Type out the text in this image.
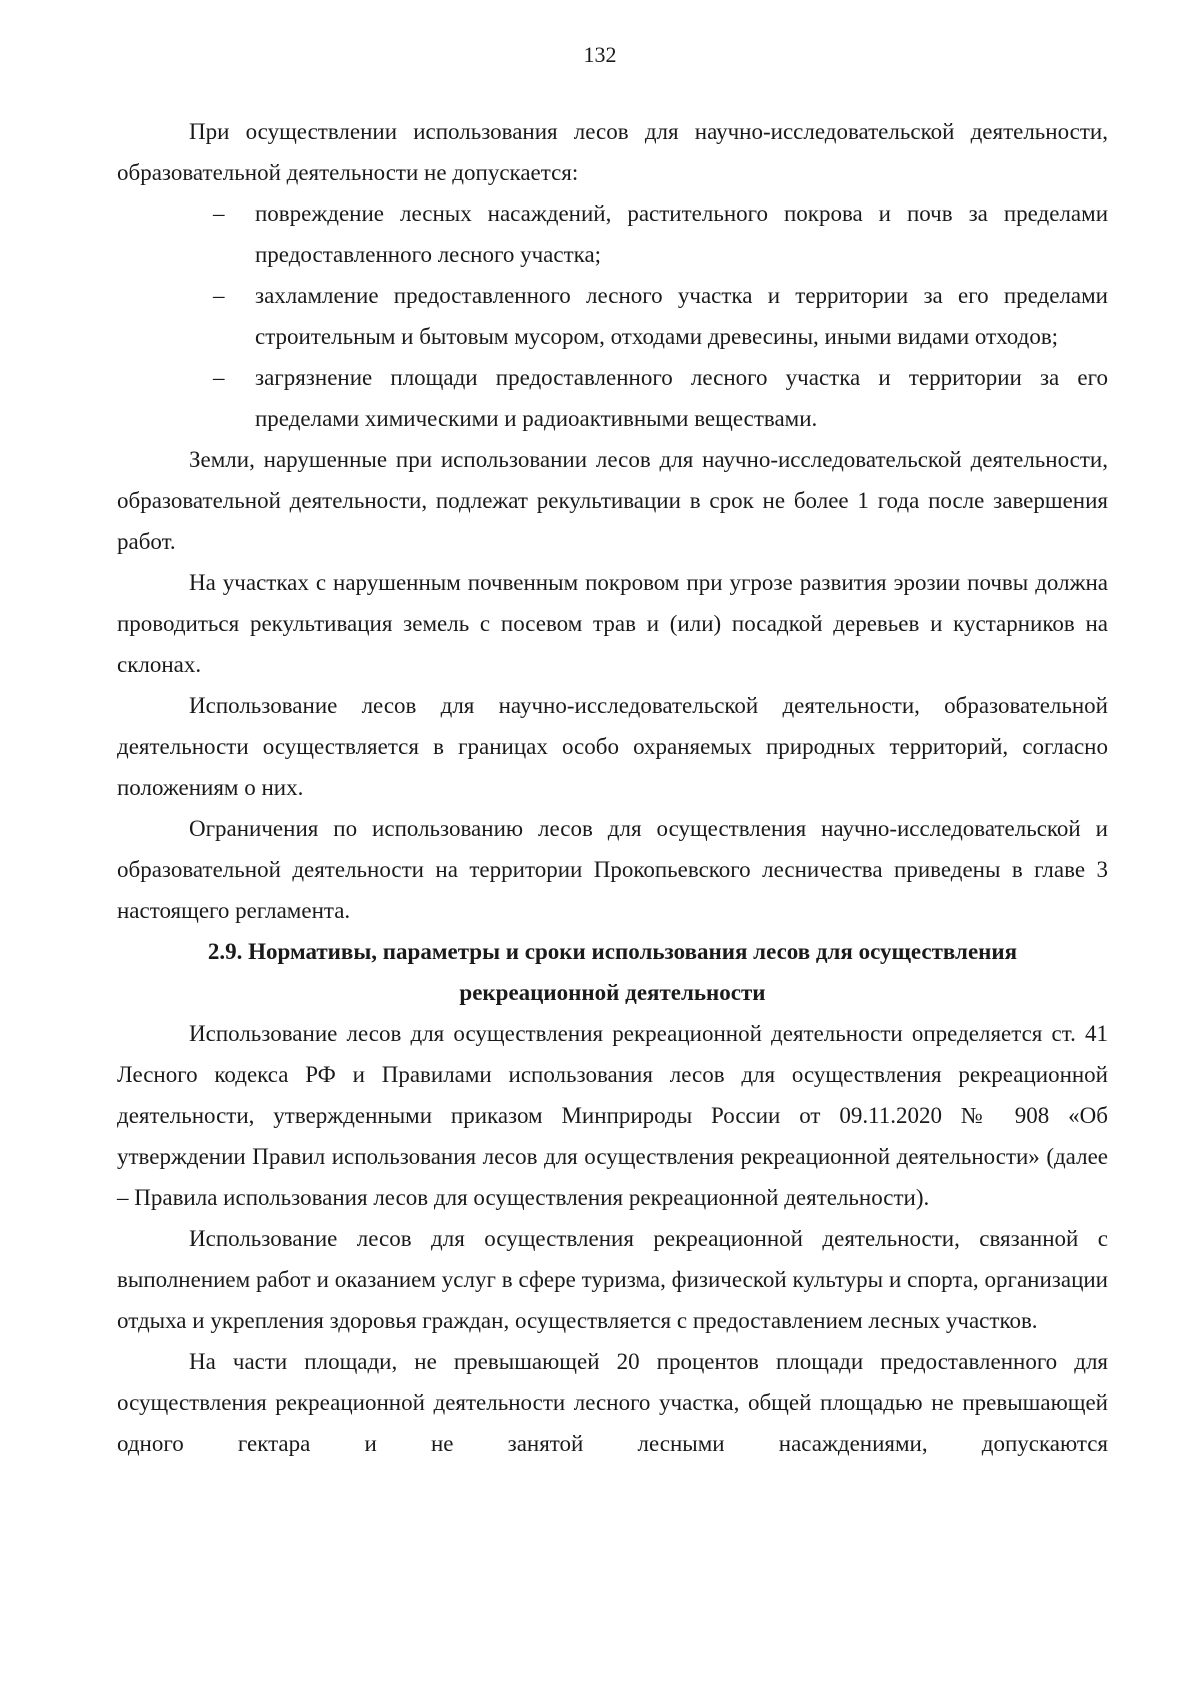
132

При осуществлении использования лесов для научно-исследовательской деятельности, образовательной деятельности не допускается:

– повреждение лесных насаждений, растительного покрова и почв за пределами предоставленного лесного участка;
– захламление предоставленного лесного участка и территории за его пределами строительным и бытовым мусором, отходами древесины, иными видами отходов;
– загрязнение площади предоставленного лесного участка и территории за его пределами химическими и радиоактивными веществами.

Земли, нарушенные при использовании лесов для научно-исследовательской деятельности, образовательной деятельности, подлежат рекультивации в срок не более 1 года после завершения работ.

На участках с нарушенным почвенным покровом при угрозе развития эрозии почвы должна проводиться рекультивация земель с посевом трав и (или) посадкой деревьев и кустарников на склонах.

Использование лесов для научно-исследовательской деятельности, образовательной деятельности осуществляется в границах особо охраняемых природных территорий, согласно положениям о них.

Ограничения по использованию лесов для осуществления научно-исследовательской и образовательной деятельности на территории Прокопьевского лесничества приведены в главе 3 настоящего регламента.

2.9. Нормативы, параметры и сроки использования лесов для осуществления

рекреационной деятельности

Использование лесов для осуществления рекреационной деятельности определяется ст. 41 Лесного кодекса РФ и Правилами использования лесов для осуществления рекреационной деятельности, утвержденными приказом Минприроды России от 09.11.2020 № 908 «Об утверждении Правил использования лесов для осуществления рекреационной деятельности» (далее – Правила использования лесов для осуществления рекреационной деятельности).

Использование лесов для осуществления рекреационной деятельности, связанной с выполнением работ и оказанием услуг в сфере туризма, физической культуры и спорта, организации отдыха и укрепления здоровья граждан, осуществляется с предоставлением лесных участков.

На части площади, не превышающей 20 процентов площади предоставленного для осуществления рекреационной деятельности лесного участка, общей площадью не превышающей одного гектара и не занятой лесными насаждениями, допускаются
